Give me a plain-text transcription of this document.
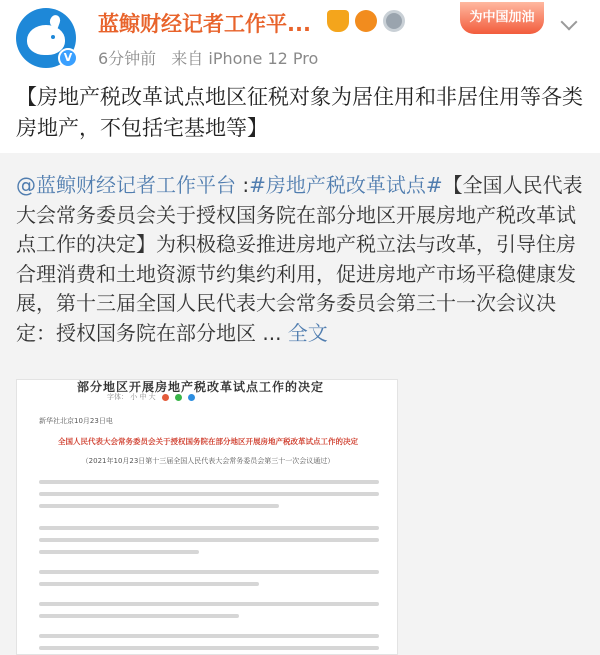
V
蓝鲸财经记者工作平...
6分钟前 来自 iPhone 12 Pro
为中国加油
【房地产税改革试点地区征税对象为居住用和非居住用等各类房地产，不包括宅基地等】
@蓝鲸财经记者工作平台 :#房地产税改革试点#【全国人民代表大会常务委员会关于授权国务院在部分地区开展房地产税改革试点工作的决定】为积极稳妥推进房地产税立法与改革，引导住房合理消费和土地资源节约集约利用，促进房地产市场平稳健康发展，第十三届全国人民代表大会常务委员会第三十一次会议决定：授权国务院在部分地区 ... 全文
部分地区开展房地产税改革试点工作的决定
字体： 小 中 大
新华社北京10月23日电
全国人民代表大会常务委员会关于授权国务院在部分地区开展房地产税改革试点工作的决定
（2021年10月23日第十三届全国人民代表大会常务委员会第三十一次会议通过）
